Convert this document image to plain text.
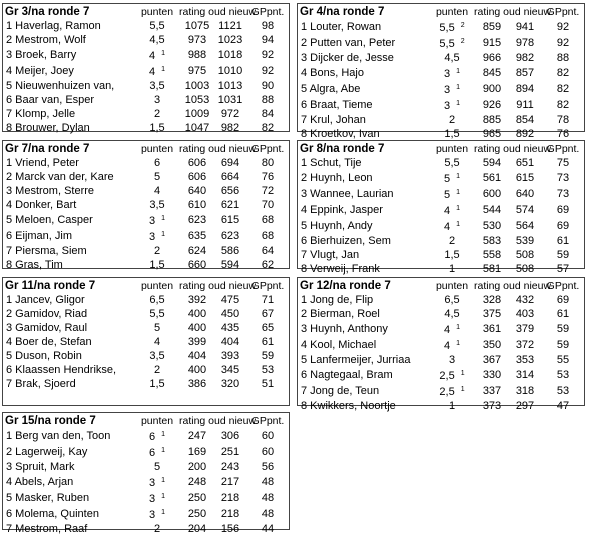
Gr 3/na ronde 7	punten	rating oud nieuw		GPpnt.
1 Haverlag, Ramon	5,5	1075	1121	98
2 Mestrom, Wolf	4,5	973	1023	94
3 Broek, Barry	4 $^1$	988	1018	92
4 Meijer, Joey	4 $^1$	975	1010	92
5 Nieuwenhuizen van,	3,5	1003	1013	90
6 Baar van, Esper	3	1053	1031	88
7 Klomp, Jelle	2	1009	972	84
8 Brouwer, Dylan	1,5	1047	982	82
Gr 4/na ronde 7	punten	rating oud nieuw		GPpnt.
1 Louter, Rowan	5,5 $^2$	859	941	92
2 Putten van, Peter	5,5 $^2$	915	978	92
3 Dijcker de, Jesse	4,5	966	982	88
4 Bons, Hajo	3 $^1$	845	857	82
5 Algra, Abe	3 $^1$	900	894	82
6 Braat, Tieme	3 $^1$	926	911	82
7 Krul, Johan	2	885	854	78
8 Kroetkov, Ivan	1,5	965	892	76
Gr 7/na ronde 7	punten	rating oud nieuw		GPpnt.
1 Vriend, Peter	6	606	694	80
2 Marck van der, Kare	5	606	664	76
3 Mestrom, Sterre	4	640	656	72
4 Donker, Bart	3,5	610	621	70
5 Meloen, Casper	3 $^1$	623	615	68
6 Eijman, Jim	3 $^1$	635	623	68
7 Piersma, Siem	2	624	586	64
8 Gras, Tim	1,5	660	594	62
Gr 8/na ronde 7	punten	rating oud nieuw		GPpnt.
1 Schut, Tije	5,5	594	651	75
2 Huynh, Leon	5 $^1$	561	615	73
3 Wannee, Laurian	5 $^1$	600	640	73
4 Eppink, Jasper	4 $^1$	544	574	69
5 Huynh, Andy	4 $^1$	530	564	69
6 Bierhuizen, Sem	2	583	539	61
7 Vlugt, Jan	1,5	558	508	59
8 Verweij, Frank	1	581	508	57
Gr 11/na ronde 7	punten	rating oud nieuw		GPpnt.
1 Jancev, Gligor	6,5	392	475	71
2 Gamidov, Riad	5,5	400	450	67
3 Gamidov, Raul	5	400	435	65
4 Boer de, Stefan	4	399	404	61
5 Duson, Robin	3,5	404	393	59
6 Klaassen Hendrikse,	2	400	345	53
7 Brak, Sjoerd	1,5	386	320	51
Gr 12/na ronde 7	punten	rating oud nieuw		GPpnt.
1 Jong de, Flip	6,5	328	432	69
2 Bierman, Roel	4,5	375	403	61
3 Huynh, Anthony	4 $^1$	361	379	59
4 Kool, Michael	4 $^1$	350	372	59
5 Lanfermeijer, Jurriaa	3	367	353	55
6 Nagtegaal, Bram	2,5 $^1$	330	314	53
7 Jong de, Teun	2,5 $^1$	337	318	53
8 Kwikkers, Noortje	1	373	297	47
Gr 15/na ronde 7	punten	rating oud nieuw		GPpnt.
1 Berg van den, Toon	6 $^1$	247	306	60
2 Lagerweij, Kay	6 $^1$	169	251	60
3 Spruit, Mark	5	200	243	56
4 Abels, Arjan	3 $^1$	248	217	48
5 Masker, Ruben	3 $^1$	250	218	48
6 Molema, Quinten	3 $^1$	250	218	48
7 Mestrom, Raaf	2	204	156	44
